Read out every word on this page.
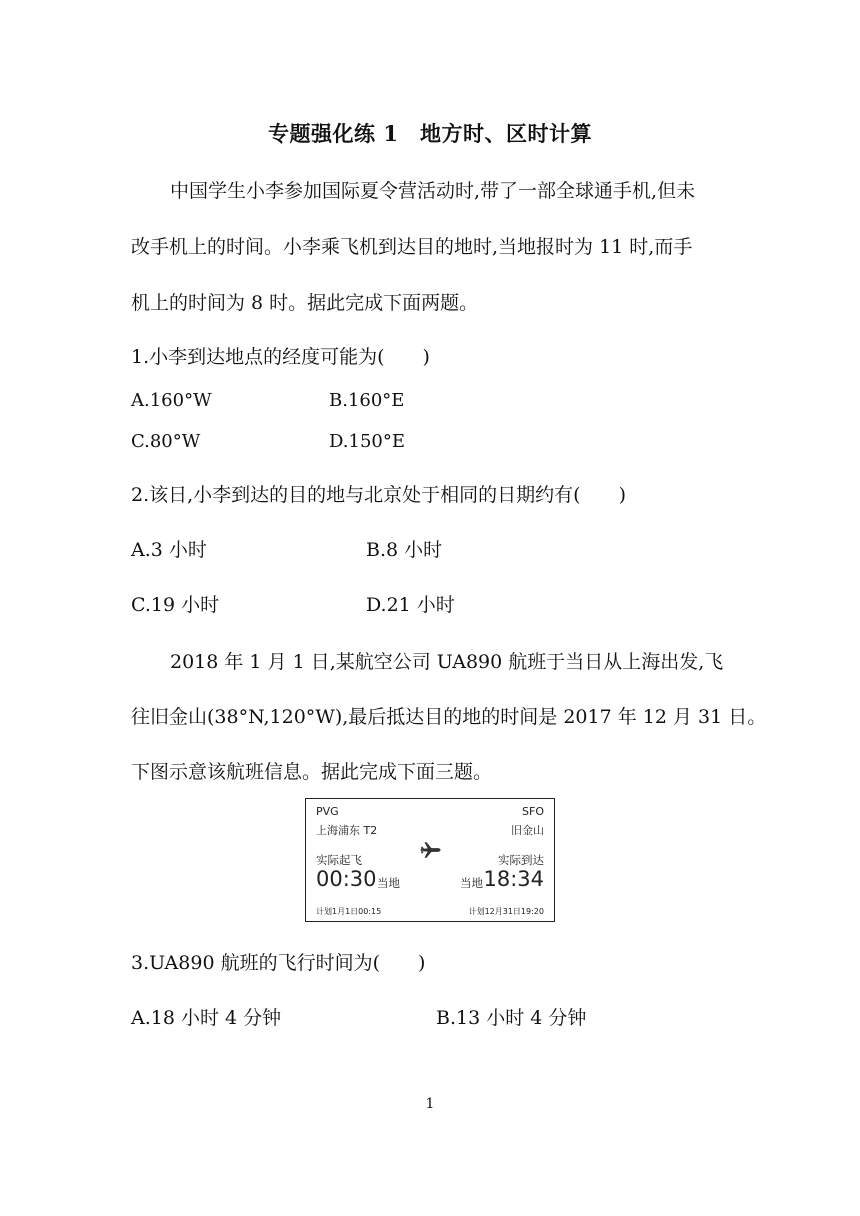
专题强化练 1　地方时、区时计算
中国学生小李参加国际夏令营活动时,带了一部全球通手机,但未
改手机上的时间。小李乘飞机到达目的地时,当地报时为 11 时,而手
机上的时间为 8 时。据此完成下面两题。
1.小李到达地点的经度可能为(　　)
A.160°W	B.160°E
C.80°W	D.150°E
2.该日,小李到达的目的地与北京处于相同的日期约有(　　)
A.3 小时	B.8 小时
C.19 小时	D.21 小时
2018 年 1 月 1 日,某航空公司 UA890 航班于当日从上海出发,飞
往旧金山(38°N,120°W),最后抵达目的地的时间是 2017 年 12 月 31 日。
下图示意该航班信息。据此完成下面三题。
PVG	SFO
上海浦东 T2	旧金山
实际起飞	实际到达
00:30 当地	当地 18:34
计划1月1日00:15	计划12月31日19:20
3.UA890 航班的飞行时间为(　　)
A.18 小时 4 分钟	B.13 小时 4 分钟
1
